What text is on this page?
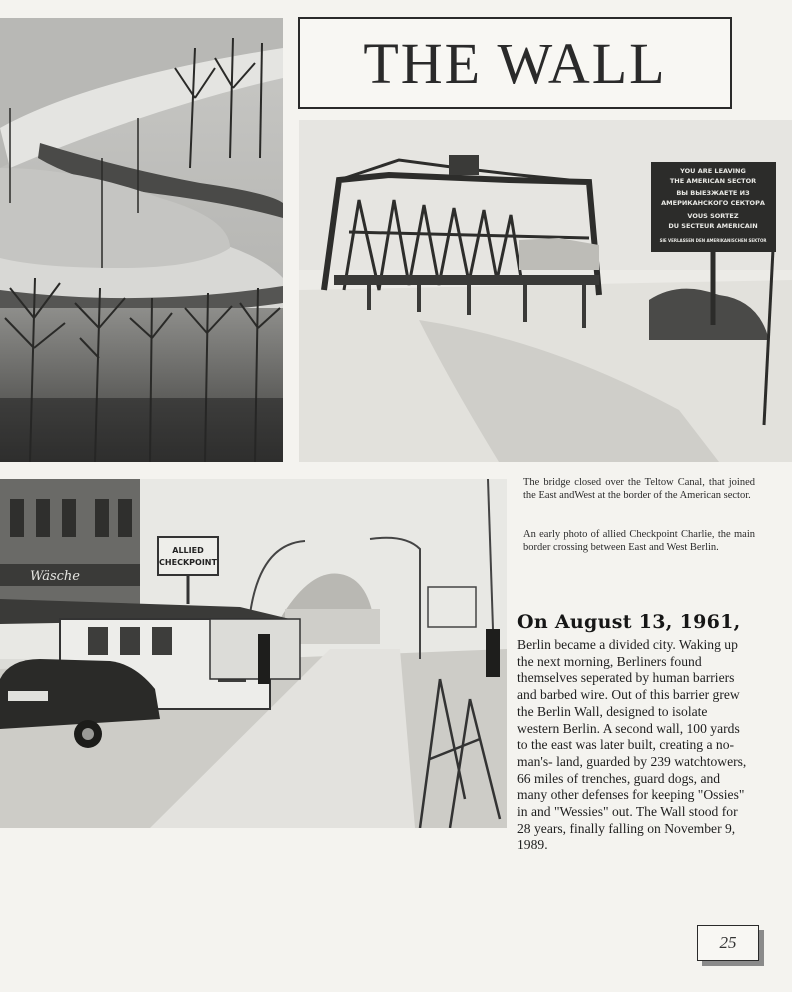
THE WALL
YOU ARE LEAVING
THE AMERICAN SECTOR
ВЫ ВЫЕЗЖАЕТЕ ИЗ
АМЕРИКАНСКОГО СЕКТОРА
VOUS SORTEZ
DU SECTEUR AMERICAIN
SIE VERLASSEN DEN AMERIKANISCHEN SEKTOR
Wäsche
ALLIED
CHECKPOINT
The bridge closed over the Teltow Canal, that joined the East andWest at the border of the American sector.
An early photo of allied Checkpoint Charlie, the main border crossing between East and West Berlin.
On August 13, 1961,

Berlin became a divided city. Waking up the next morning, Berliners found themselves seperated by human barriers and barbed wire. Out of this barrier grew the Berlin Wall, designed to isolate western Berlin. A second wall, 100 yards to the east was later built, creating a no-man's- land, guarded by 239 watchtowers, 66 miles of trenches, guard dogs, and many other defenses for keeping "Ossies" in and "Wessies" out. The Wall stood for 28 years, finally falling on November 9, 1989.

25
